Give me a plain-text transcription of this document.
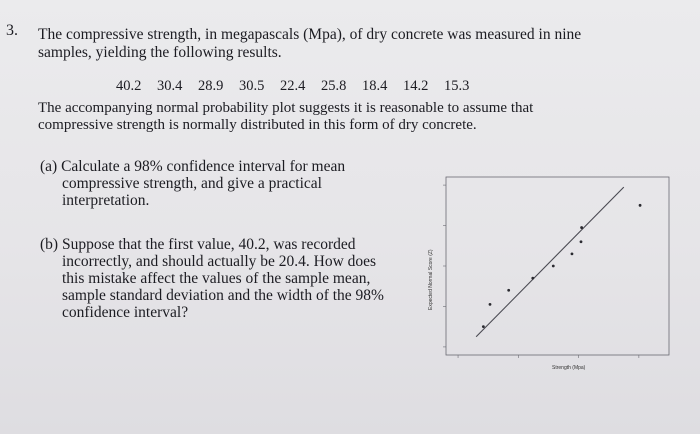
3. The compressive strength, in megapascals (Mpa), of dry concrete was measured in nine
samples, yielding the following results.
40.2 30.4 28.9 30.5 22.4 25.8 18.4 14.2 15.3
The accompanying normal probability plot suggests it is reasonable to assume that
compressive strength is normally distributed in this form of dry concrete.
(a) Calculate a 98% confidence interval for mean
compressive strength, and give a practical
interpretation.
(b) Suppose that the first value, 40.2, was recorded
incorrectly, and should actually be 20.4. How does
this mistake affect the values of the sample mean,
sample standard deviation and the width of the 98%
confidence interval?
Expected Normal Score (Z)
Strength (Mpa)
